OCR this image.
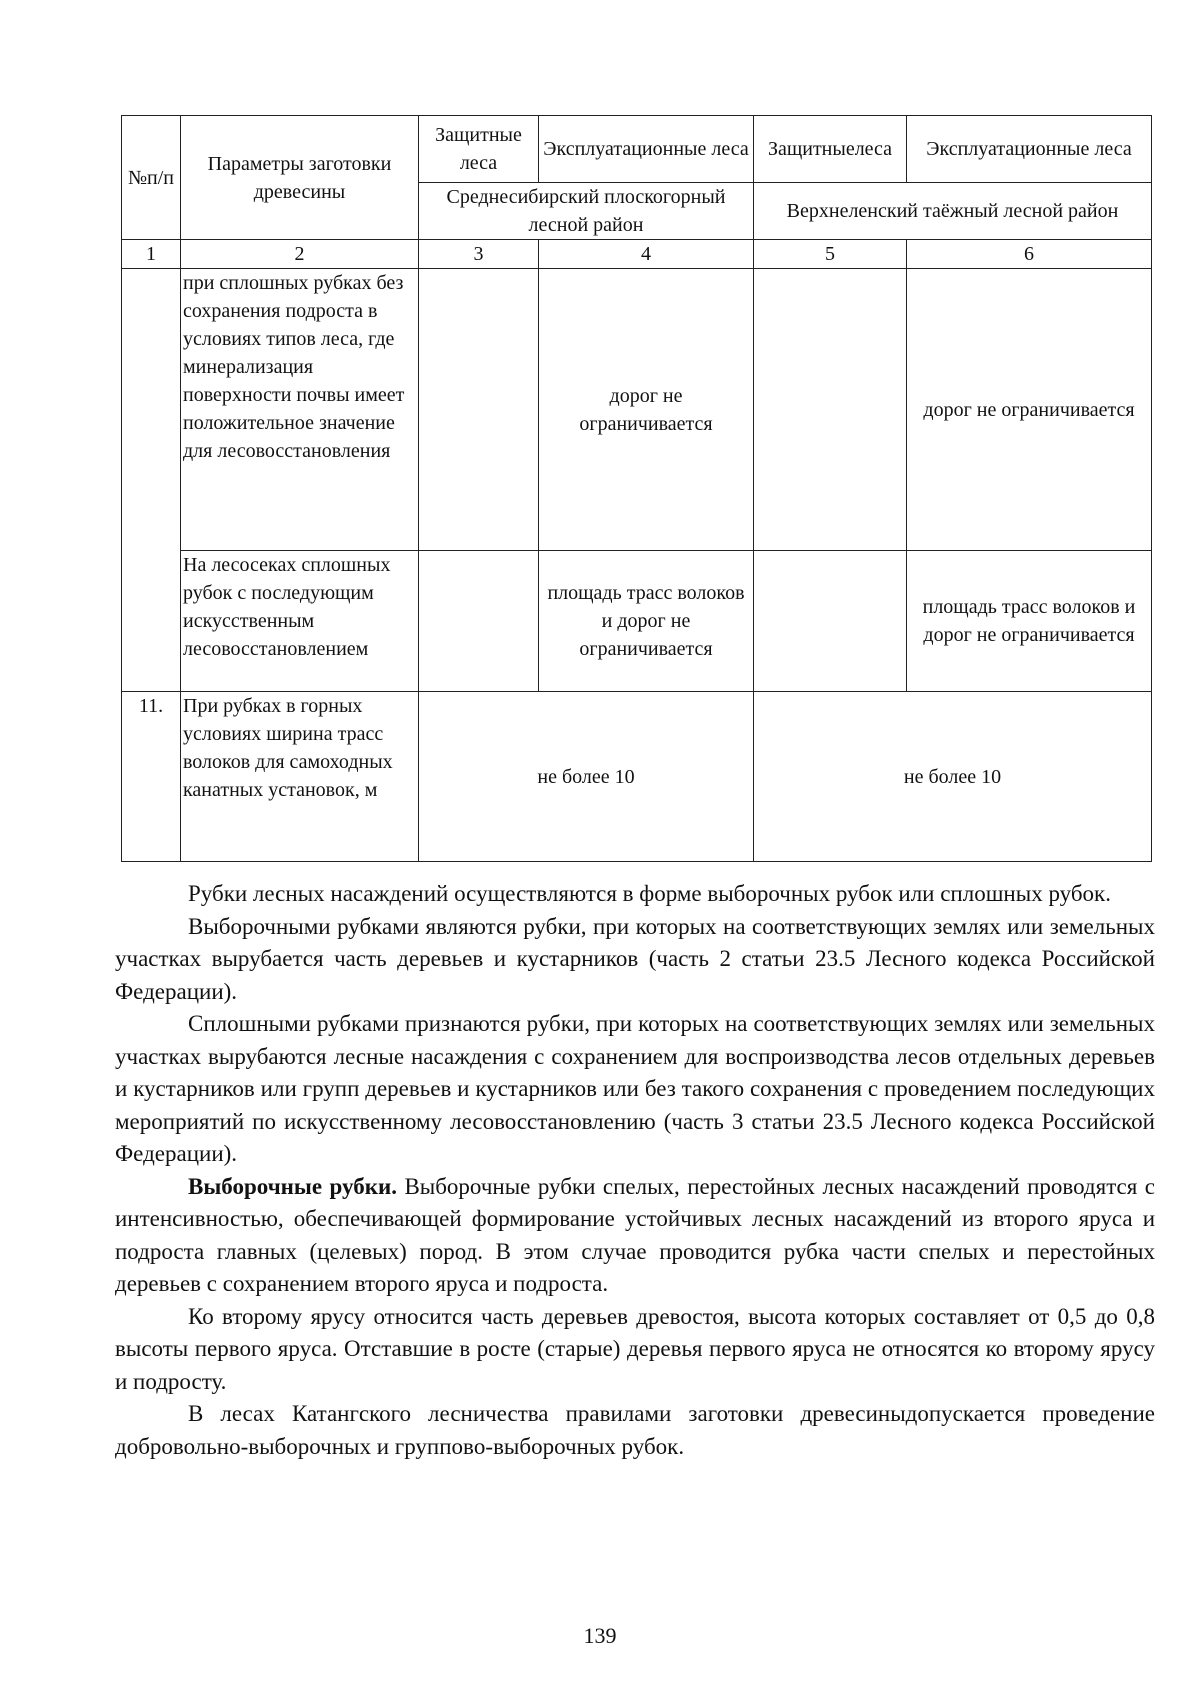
№п/п	Параметры заготовки древесины	Защитные леса	Эксплуатационные леса	Защитныелеса	Эксплуатационные леса
		Среднесибирский плоскогорный лесной район		Верхнеленский таёжный лесной район	
1	2	3	4	5	6
	при сплошных рубках без сохранения подроста в условиях типов леса, где минерализация поверхности почвы имеет положительное значение для лесовосстановления		дорог не ограничивается		дорог не ограничивается
	На лесосеках сплошных рубок с последующим искусственным лесовосстановлением		площадь трасс волоков и дорог не ограничивается		площадь трасс волоков и дорог не ограничивается
11.	При рубках в горных условиях ширина трасс волоков для самоходных канатных установок, м	не более 10		не более 10	

Рубки лесных насаждений осуществляются в форме выборочных рубок или сплошных рубок.

Выборочными рубками являются рубки, при которых на соответствующих землях или земельных участках вырубается часть деревьев и кустарников (часть 2 статьи 23.5 Лесного кодекса Российской Федерации).

Сплошными рубками признаются рубки, при которых на соответствующих землях или земельных участках вырубаются лесные насаждения с сохранением для воспроизводства лесов отдельных деревьев и кустарников или групп деревьев и кустарников или без такого сохранения с проведением последующих мероприятий по искусственному лесовосстановлению (часть 3 статьи 23.5 Лесного кодекса Российской Федерации).

Выборочные рубки. Выборочные рубки спелых, перестойных лесных насаждений проводятся с интенсивностью, обеспечивающей формирование устойчивых лесных насаждений из второго яруса и подроста главных (целевых) пород. В этом случае проводится рубка части спелых и перестойных деревьев с сохранением второго яруса и подроста.

Ко второму ярусу относится часть деревьев древостоя, высота которых составляет от 0,5 до 0,8 высоты первого яруса. Отставшие в росте (старые) деревья первого яруса не относятся ко второму ярусу и подросту.

В лесах Катангского лесничества правилами заготовки древесиныдопускается проведение добровольно-выборочных и групповo-выборочных рубок.

139
